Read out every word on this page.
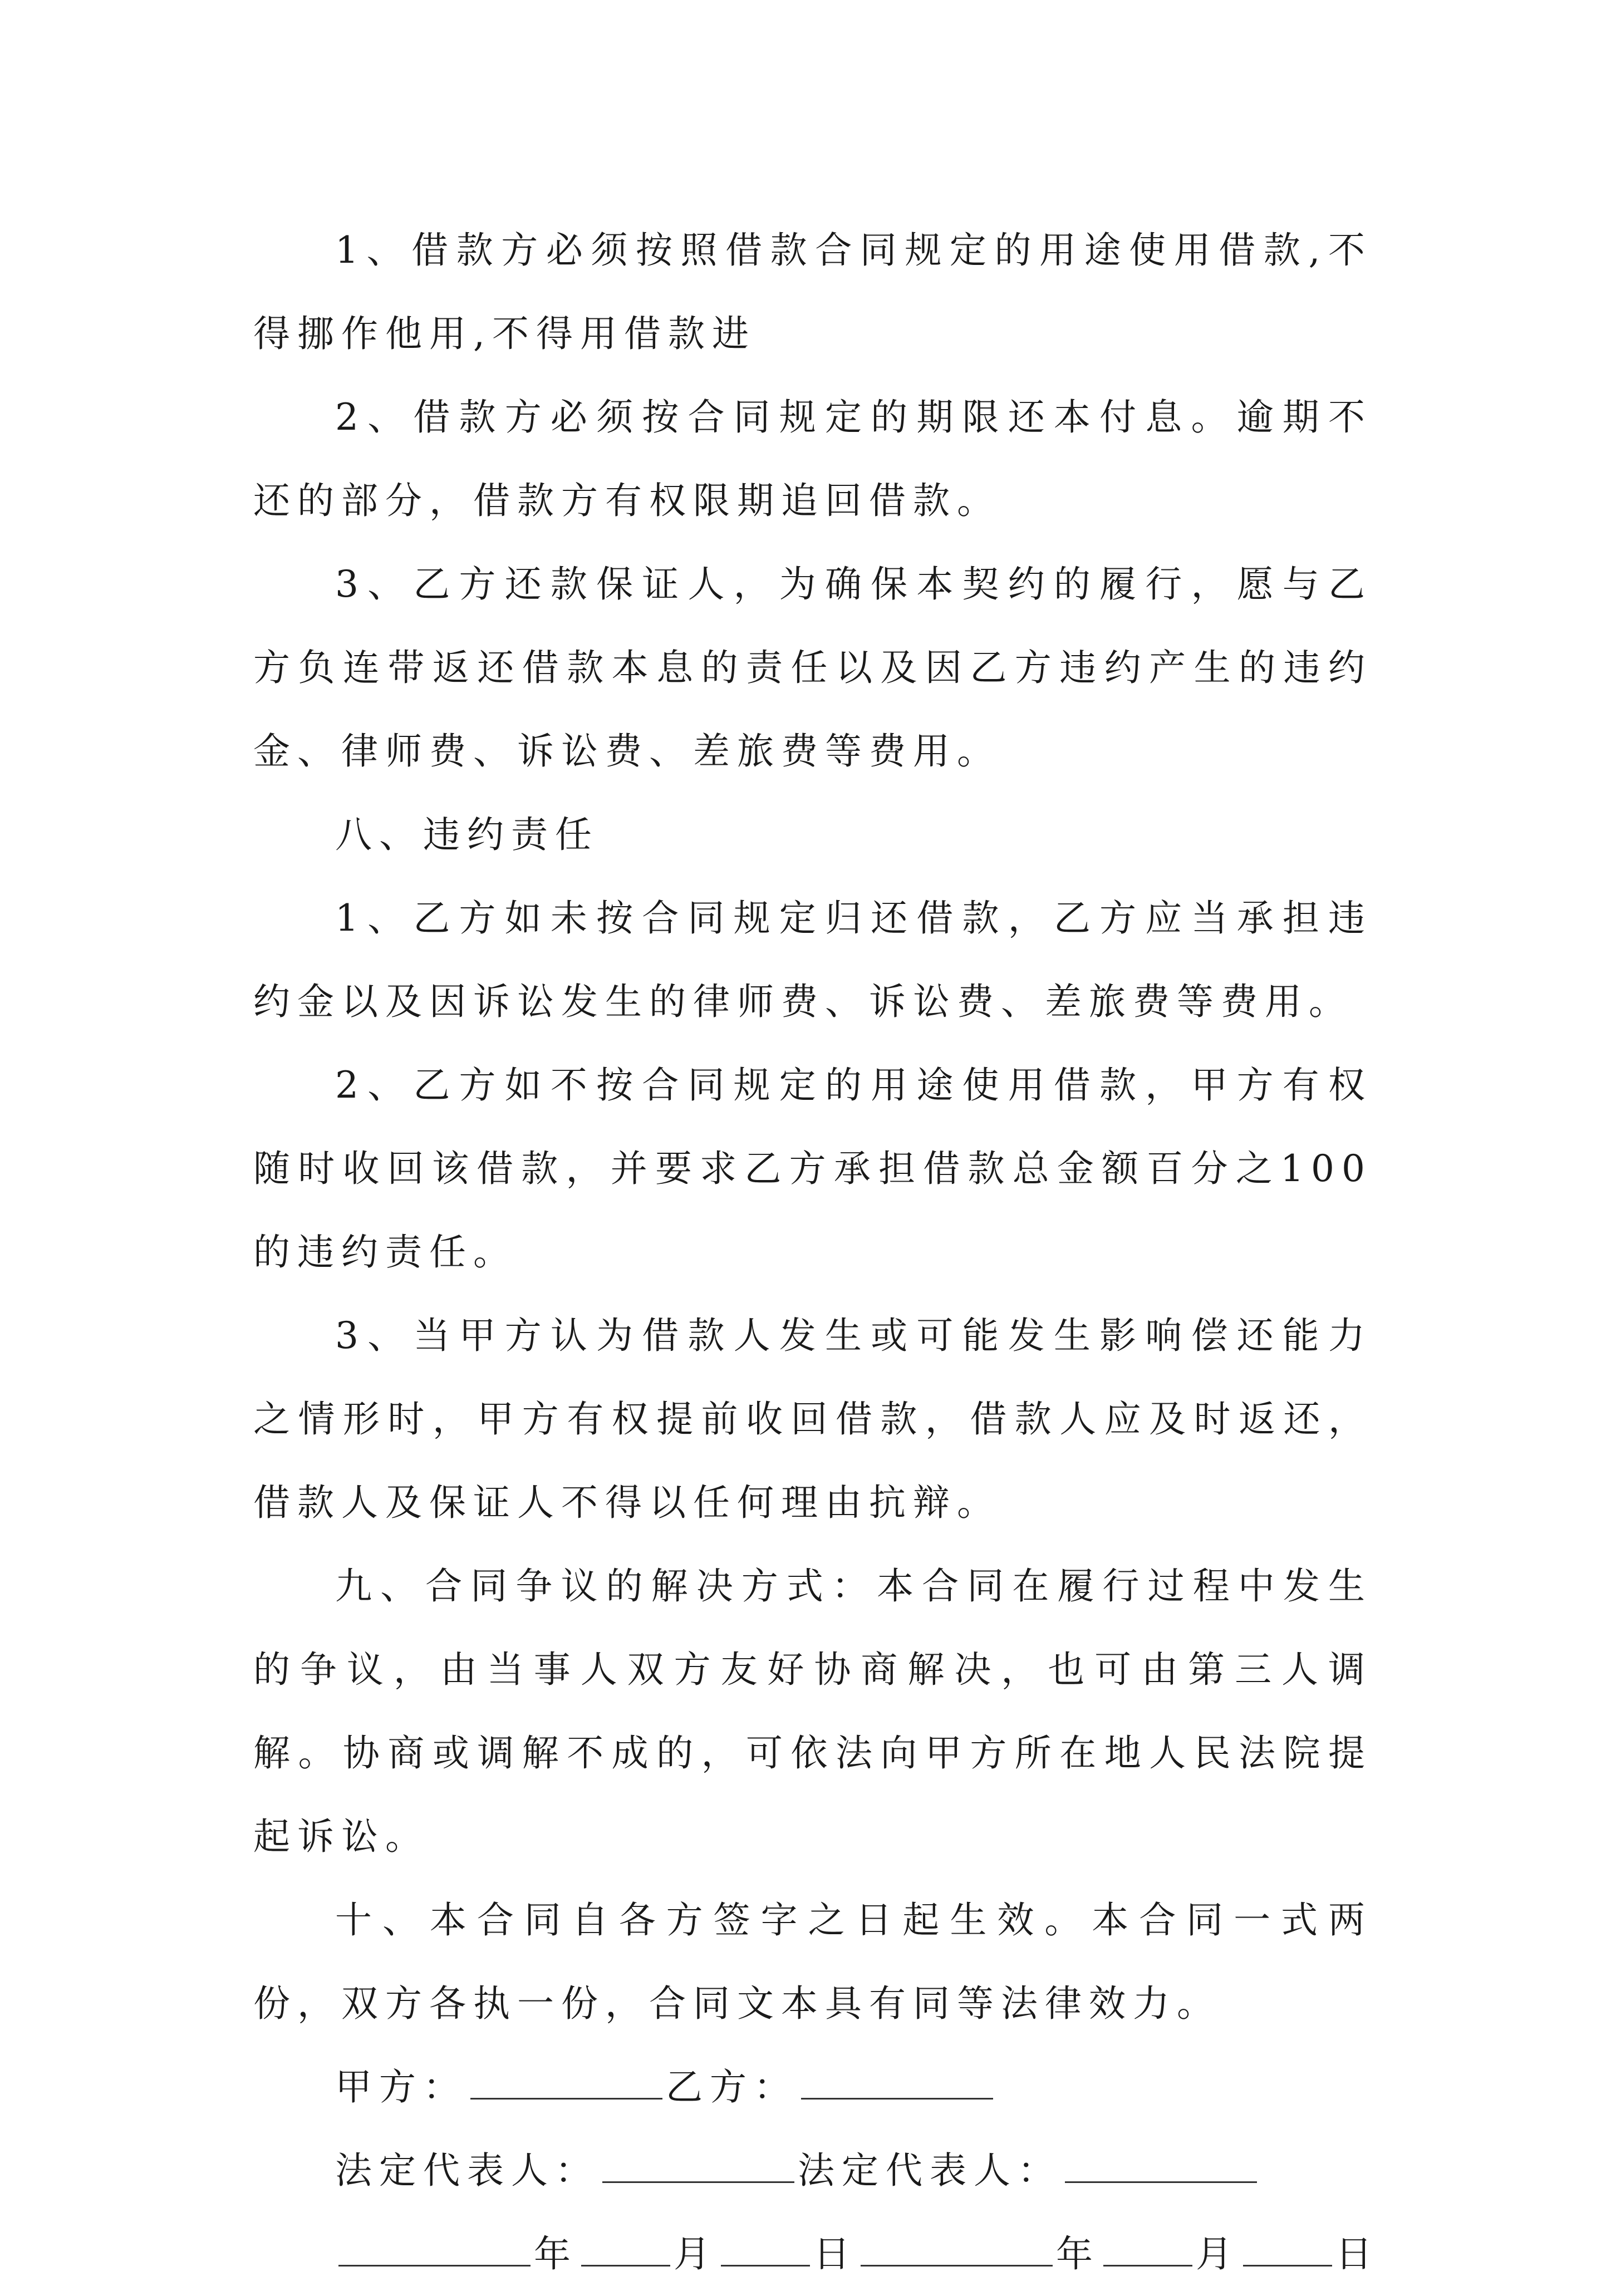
1、借款方必须按照借款合同规定的用途使用借款,不得挪作他用,不得用借款进

2、借款方必须按合同规定的期限还本付息。逾期不还的部分，借款方有权限期追回借款。

3、乙方还款保证人，为确保本契约的履行，愿与乙方负连带返还借款本息的责任以及因乙方违约产生的违约金、律师费、诉讼费、差旅费等费用。

八、违约责任

1、乙方如未按合同规定归还借款，乙方应当承担违约金以及因诉讼发生的律师费、诉讼费、差旅费等费用。

2、乙方如不按合同规定的用途使用借款，甲方有权随时收回该借款，并要求乙方承担借款总金额百分之100的违约责任。

3、当甲方认为借款人发生或可能发生影响偿还能力之情形时，甲方有权提前收回借款，借款人应及时返还，借款人及保证人不得以任何理由抗辩。

九、合同争议的解决方式：本合同在履行过程中发生的争议，由当事人双方友好协商解决，也可由第三人调解。协商或调解不成的，可依法向甲方所在地人民法院提起诉讼。

十、本合同自各方签字之日起生效。本合同一式两份，双方各执一份，合同文本具有同等法律效力。

甲方：	乙方：

法定代表人：	法定代表人：

年	月	日	年	月	日
